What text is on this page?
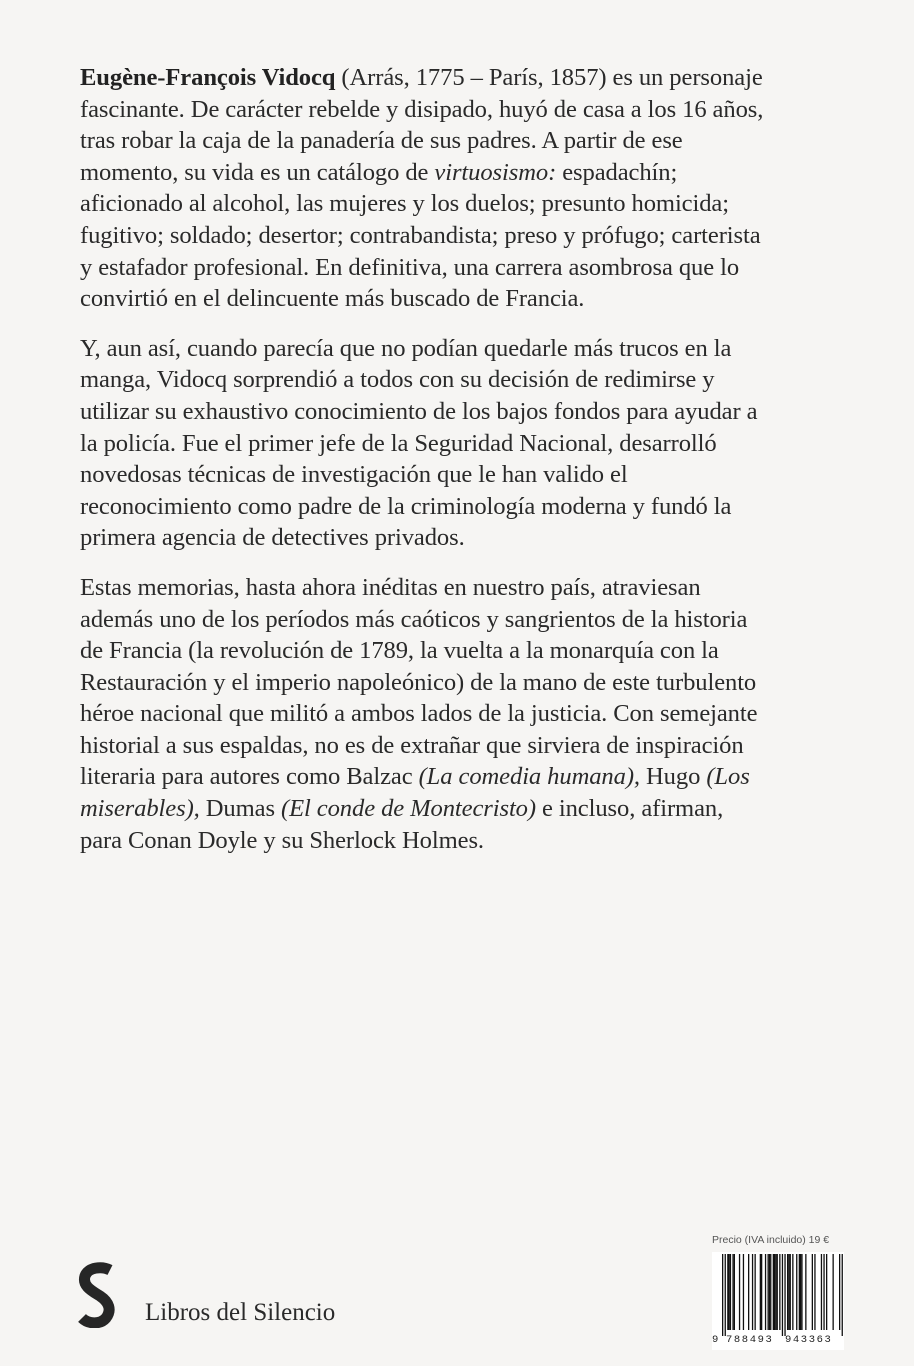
Eugène-François Vidocq (Arrás, 1775 – París, 1857) es un personaje fascinante. De carácter rebelde y disipado, huyó de casa a los 16 años, tras robar la caja de la panadería de sus padres. A partir de ese momento, su vida es un catálogo de virtuosismo: espadachín; aficionado al alcohol, las mujeres y los duelos; presunto homicida; fugitivo; soldado; desertor; contrabandista; preso y prófugo; carterista y estafador profesional. En definitiva, una carrera asombrosa que lo convirtió en el delincuente más buscado de Francia.

Y, aun así, cuando parecía que no podían quedarle más trucos en la manga, Vidocq sorprendió a todos con su decisión de redimirse y utilizar su exhaustivo conocimiento de los bajos fondos para ayudar a la policía. Fue el primer jefe de la Seguridad Nacional, desarrolló novedosas técnicas de investigación que le han valido el reconocimiento como padre de la criminología moderna y fundó la primera agencia de detectives privados.

Estas memorias, hasta ahora inéditas en nuestro país, atraviesan además uno de los períodos más caóticos y sangrientos de la historia de Francia (la revolución de 1789, la vuelta a la monarquía con la Restauración y el imperio napoleónico) de la mano de este turbulento héroe nacional que militó a ambos lados de la justicia. Con semejante historial a sus espaldas, no es de extrañar que sirviera de inspiración literaria para autores como Balzac (La comedia humana), Hugo (Los miserables), Dumas (El conde de Montecristo) e incluso, afirman, para Conan Doyle y su Sherlock Holmes.

Libros del Silencio
Precio (IVA incluido) 19 €
9 788493 943363
